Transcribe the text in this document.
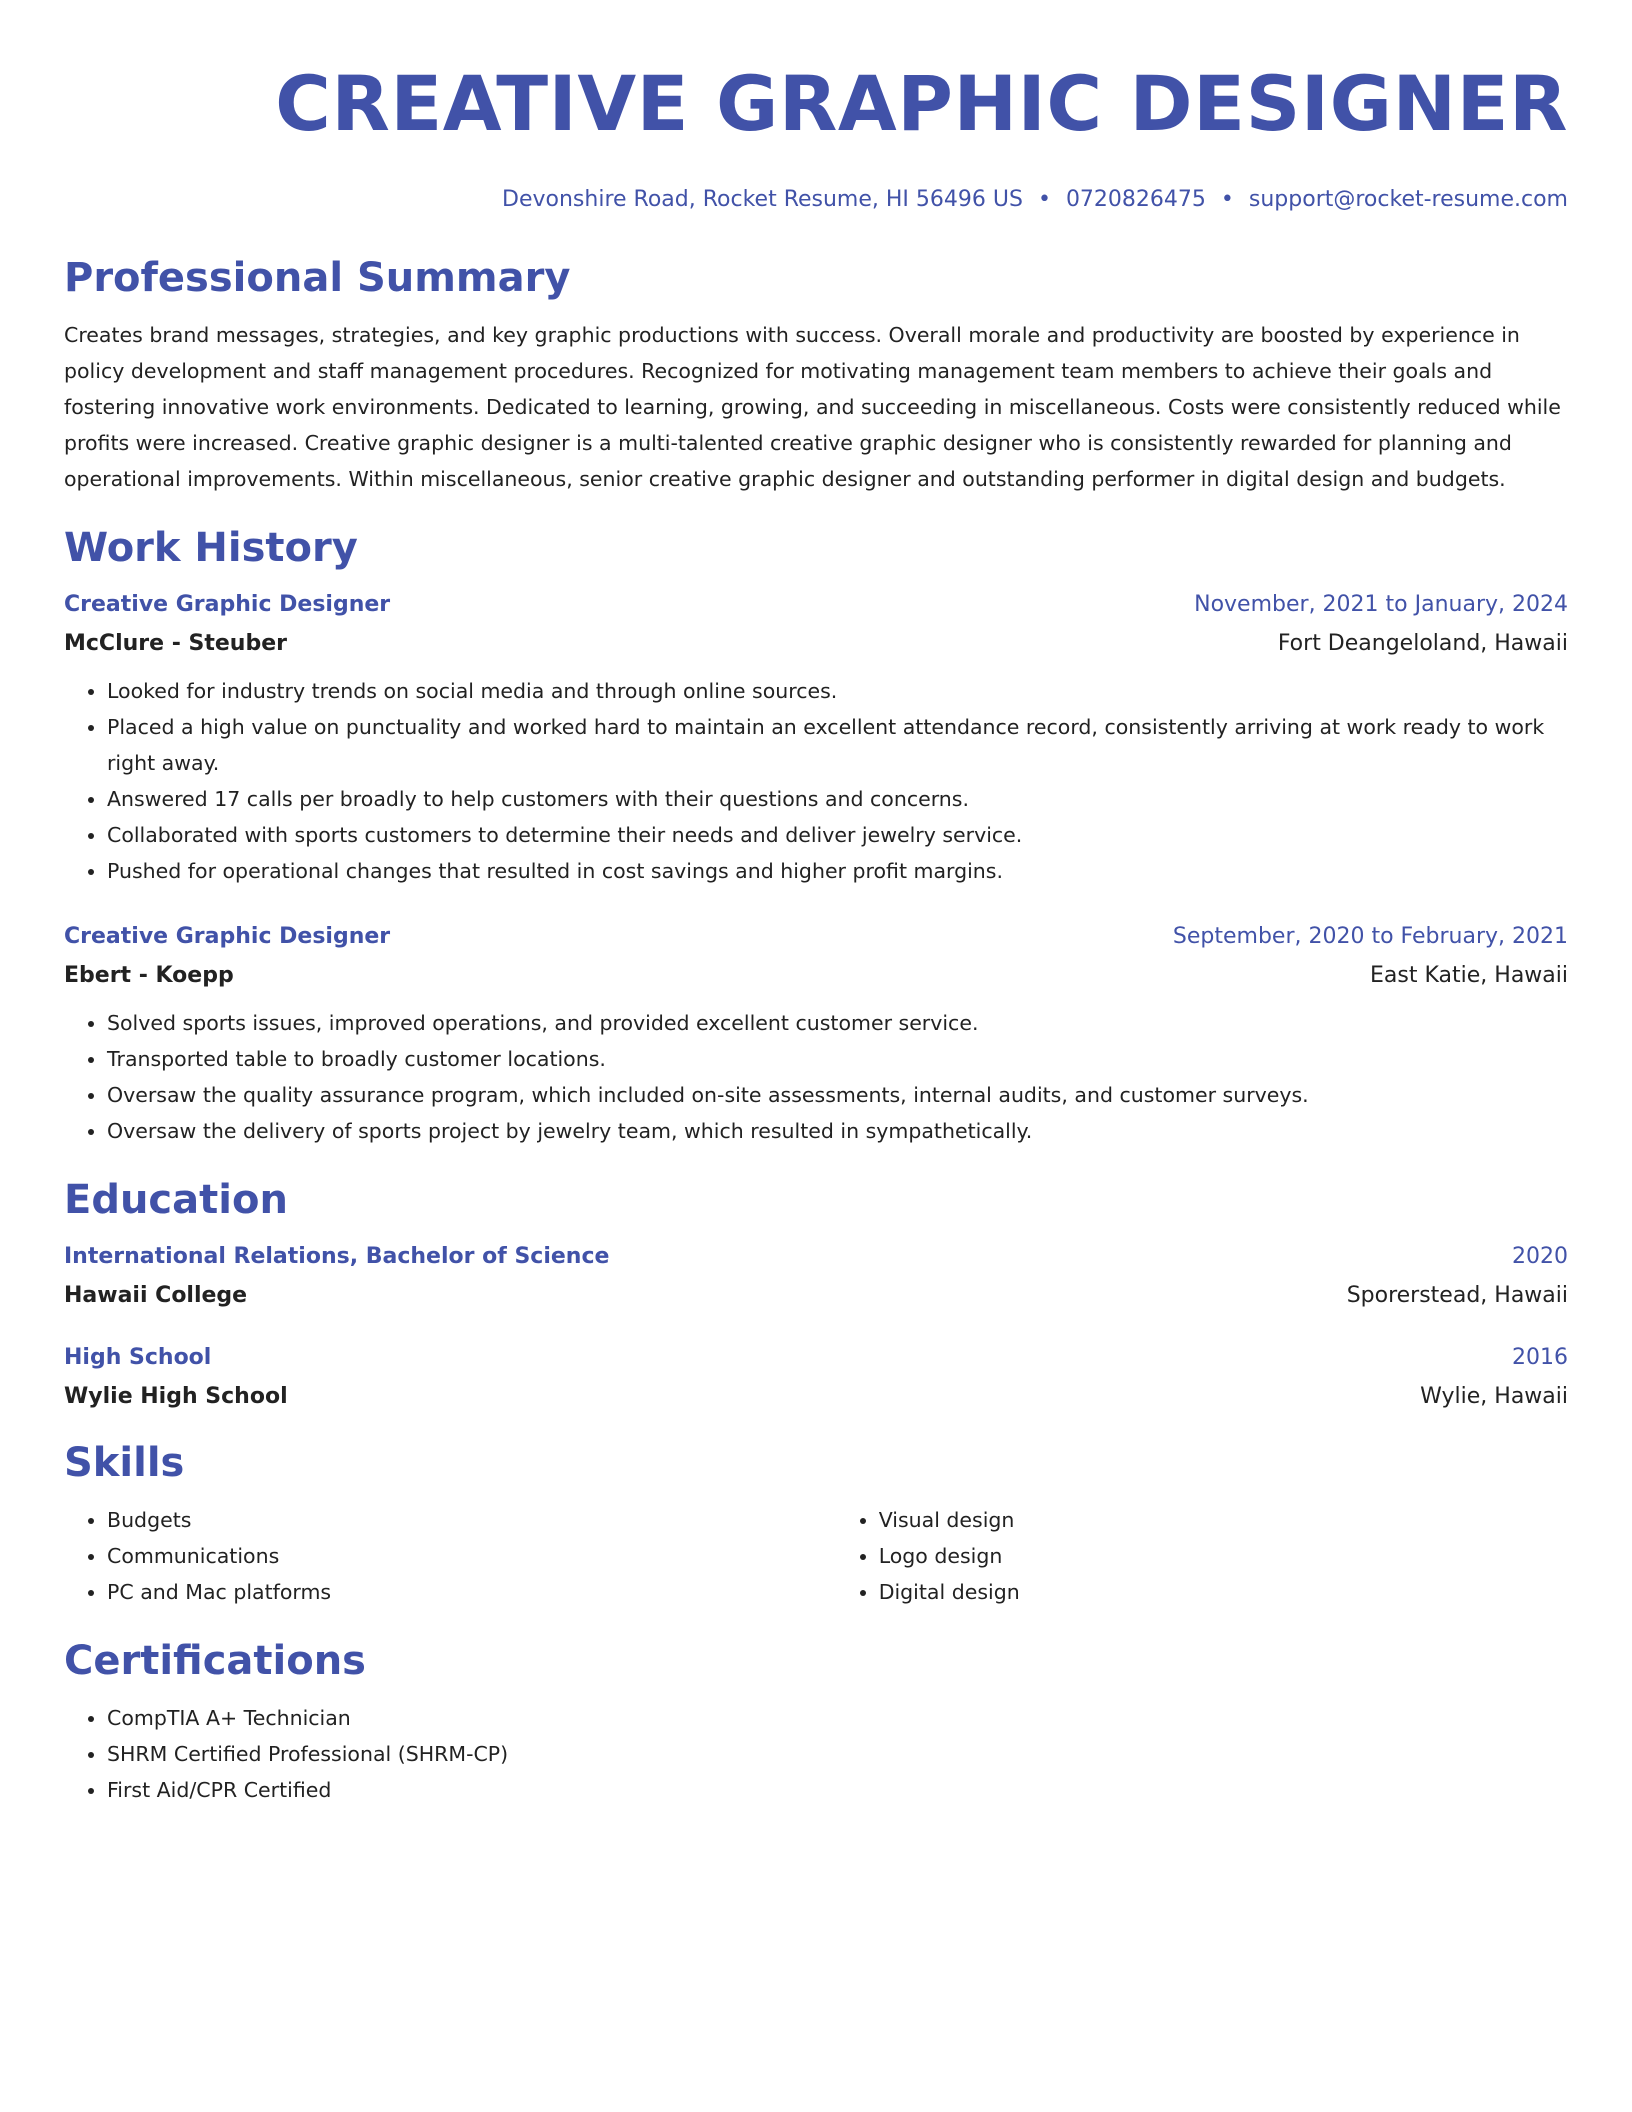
CREATIVE GRAPHIC DESIGNER
Devonshire Road, Rocket Resume, HI 56496 US • 0720826475 • support@rocket-resume.com
Professional Summary
Creates brand messages, strategies, and key graphic productions with success. Overall morale and productivity are boosted by experience in policy development and staff management procedures. Recognized for motivating management team members to achieve their goals and fostering innovative work environments. Dedicated to learning, growing, and succeeding in miscellaneous. Costs were consistently reduced while profits were increased. Creative graphic designer is a multi-talented creative graphic designer who is consistently rewarded for planning and operational improvements. Within miscellaneous, senior creative graphic designer and outstanding performer in digital design and budgets.
Work History
Creative Graphic Designer	November, 2021 to January, 2024
McClure - Steuber	Fort Deangeloland, Hawaii
• Looked for industry trends on social media and through online sources.
• Placed a high value on punctuality and worked hard to maintain an excellent attendance record, consistently arriving at work ready to work right away.
• Answered 17 calls per broadly to help customers with their questions and concerns.
• Collaborated with sports customers to determine their needs and deliver jewelry service.
• Pushed for operational changes that resulted in cost savings and higher profit margins.
Creative Graphic Designer	September, 2020 to February, 2021
Ebert - Koepp	East Katie, Hawaii
• Solved sports issues, improved operations, and provided excellent customer service.
• Transported table to broadly customer locations.
• Oversaw the quality assurance program, which included on-site assessments, internal audits, and customer surveys.
• Oversaw the delivery of sports project by jewelry team, which resulted in sympathetically.
Education
International Relations, Bachelor of Science	2020
Hawaii College	Sporerstead, Hawaii
High School	2016
Wylie High School	Wylie, Hawaii
Skills
• Budgets
• Communications
• PC and Mac platforms
• Visual design
• Logo design
• Digital design
Certifications
• CompTIA A+ Technician
• SHRM Certified Professional (SHRM-CP)
• First Aid/CPR Certified
